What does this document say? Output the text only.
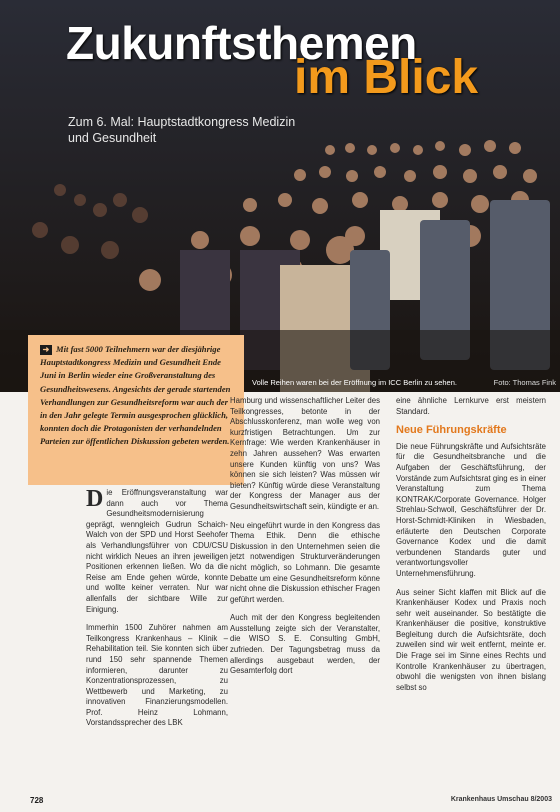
Zukunftsthemen
im Blick
Zum 6. Mal: Hauptstadtkongress Medizin und Gesundheit
Volle Reihen waren bei der Eröffnung im ICC Berlin zu sehen.	Foto: Thomas Fink
➜ Mit fast 5000 Teilnehmern war der diesjährige Hauptstadtkongress Medizin und Gesundheit Ende Juni in Berlin wieder eine Großveranstaltung des Gesundheitswesens. Angesichts der gerade startenden Verhandlungen zur Gesundheitsreform war auch der in den Jahr gelegte Termin ausgesprochen glücklich, konnten doch die Protagonisten der verhandelnden Parteien zur öffentlichen Diskussion gebeten werden.

Die Eröffnungsveranstaltung war dann auch vor Thema Gesundheitsmodernisierung geprägt, wenngleich Gudrun Schaich-Walch von der SPD und Horst Seehofer als Verhandlungsführer von CDU/CSU nicht wirklich Neues an ihren jeweiligen Positionen erkennen ließen. Wo da die Reise am Ende gehen würde, konnte und wollte keiner verraten. Nur war allenfalls der sichtbare Wille zur Einigung.

Immerhin 1500 Zuhörer nahmen am Teilkongress Krankenhaus – Klinik – Rehabilitation teil. Sie konnten sich über rund 150 sehr spannende Themen informieren, darunter zu Konzentrationsprozessen, zu Wettbewerb und Marketing, zu innovativen Finanzierungsmodellen. Prof. Heinz Lohmann, Vorstandssprecher des LBK

Hamburg und wissenschaftlicher Leiter des Teilkongresses, betonte in der Abschlusskonferenz, man wolle weg von kurzfristigen Betrachtungen. Um zur Kernfrage: Wie werden Krankenhäuser in zehn Jahren aussehen? Was erwarten unsere Kunden künftig von uns? Was können sie sich leisten? Was müssen wir bieten? Künftig würde diese Veranstaltung der Kongress der Manager aus der Gesundheitswirtschaft sein, kündigte er an.

Neu eingeführt wurde in den Kongress das Thema Ethik. Denn die ethische Diskussion in den Unternehmen seien die jetzt notwendigen Strukturveränderungen nicht möglich, so Lohmann. Die gesamte Debatte um eine Gesundheitsreform könne nicht ohne die Diskussion ethischer Fragen geführt werden.

Auch mit der den Kongress begleitenden Ausstellung zeigte sich der Veranstalter, die WISO S. E. Consulting GmbH, zufrieden. Der Tagungsbetrag muss da allerdings ausgebaut werden, der Gesamterfolg dort

eine ähnliche Lernkurve erst meistern Standard.

Neue Führungskräfte

Die neue Führungskräfte und Aufsichtsräte für die Gesundheitsbranche und die Aufgaben der Geschäftsführung, der Vorstände zum Aufsichtsrat ging es in einer Veranstaltung zum Thema KONTRAK/Corporate Governance. Holger Strehlau-Schwoll, Geschäftsführer der Dr. Horst-Schmidt-Kliniken in Wiesbaden, erläuterte den Deutschen Corporate Governance Kodex und die damit verbundenen Standards guter und verantwortungsvoller Unternehmensführung.

Aus seiner Sicht klaffen mit Blick auf die Krankenhäuser Kodex und Praxis noch sehr weit auseinander. So bestätigte die Krankenhäuser die positive, konstruktive Begleitung durch die Aufsichtsräte, doch zuweilen sind wir weit entfernt, meinte er. Die Frage sei im Sinne eines Rechts und Kontrolle Krankenhäuser zu übertragen, obwohl die wenigsten von ihnen bislang selbst so

728	Krankenhaus Umschau 8/2003
